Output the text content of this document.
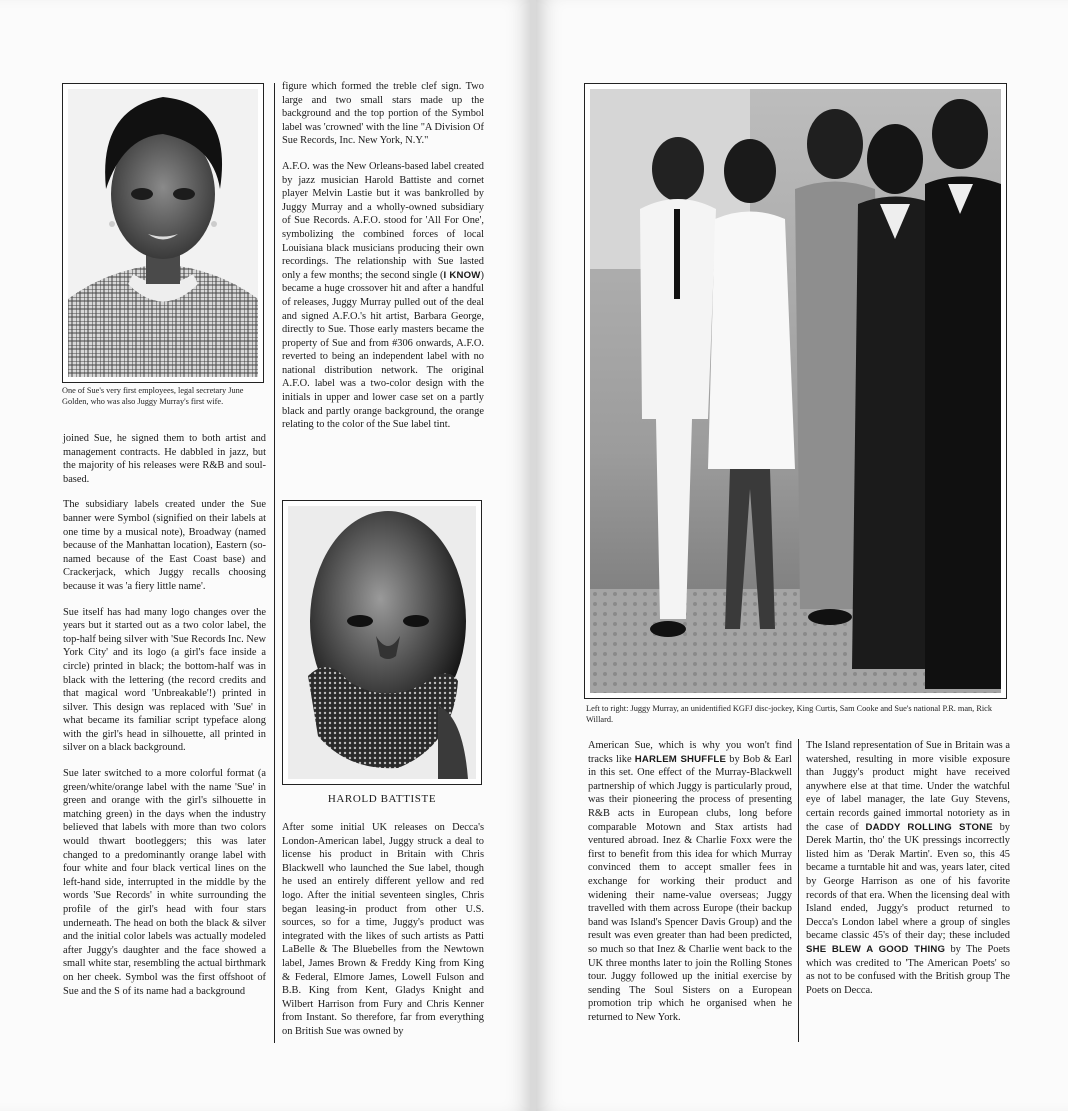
One of Sue's very first employees, legal secretary June Golden, who was also Juggy Murray's first wife.

joined Sue, he signed them to both artist and management contracts. He dabbled in jazz, but the majority of his releases were R&B and soul-based.

The subsidiary labels created under the Sue banner were Symbol (signified on their labels at one time by a musical note), Broadway (named because of the Manhattan location), Eastern (so-named because of the East Coast base) and Crackerjack, which Juggy recalls choosing because it was 'a fiery little name'.

Sue itself has had many logo changes over the years but it started out as a two color label, the top-half being silver with 'Sue Records Inc. New York City' and its logo (a girl's face inside a circle) printed in black; the bottom-half was in black with the lettering (the record credits and that magical word 'Unbreakable'!) printed in silver. This design was replaced with 'Sue' in what became its familiar script typeface along with the girl's head in silhouette, all printed in silver on a black background.

Sue later switched to a more colorful format (a green/white/orange label with the name 'Sue' in green and orange with the girl's silhouette in matching green) in the days when the industry believed that labels with more than two colors would thwart bootleggers; this was later changed to a predominantly orange label with four white and four black vertical lines on the left-hand side, interrupted in the middle by the words 'Sue Records' in white surrounding the profile of the girl's head with four stars underneath. The head on both the black & silver and the initial color labels was actually modeled after Juggy's daughter and the face showed a small white star, resembling the actual birthmark on her cheek. Symbol was the first offshoot of Sue and the S of its name had a background

figure which formed the treble clef sign. Two large and two small stars made up the background and the top portion of the Symbol label was 'crowned' with the line "A Division Of Sue Records, Inc. New York, N.Y."

A.F.O. was the New Orleans-based label created by jazz musician Harold Battiste and cornet player Melvin Lastie but it was bankrolled by Juggy Murray and a wholly-owned subsidiary of Sue Records. A.F.O. stood for 'All For One', symbolizing the combined forces of local Louisiana black musicians producing their own recordings. The relationship with Sue lasted only a few months; the second single (I KNOW) became a huge crossover hit and after a handful of releases, Juggy Murray pulled out of the deal and signed A.F.O.'s hit artist, Barbara George, directly to Sue. Those early masters became the property of Sue and from #306 onwards, A.F.O. reverted to being an independent label with no national distribution network. The original A.F.O. label was a two-color design with the initials in upper and lower case set on a partly black and partly orange background, the orange relating to the color of the Sue label tint.

HAROLD BATTISTE

After some initial UK releases on Decca's London-American label, Juggy struck a deal to license his product in Britain with Chris Blackwell who launched the Sue label, though he used an entirely different yellow and red logo. After the initial seventeen singles, Chris began leasing-in product from other U.S. sources, so for a time, Juggy's product was integrated with the likes of such artists as Patti LaBelle & The Bluebelles from the Newtown label, James Brown & Freddy King from King & Federal, Elmore James, Lowell Fulson and B.B. King from Kent, Gladys Knight and Wilbert Harrison from Fury and Chris Kenner from Instant. So therefore, far from everything on British Sue was owned by

Left to right: Juggy Murray, an unidentified KGFJ disc-jockey, King Curtis, Sam Cooke and Sue's national P.R. man, Rick Willard.

American Sue, which is why you won't find tracks like HARLEM SHUFFLE by Bob & Earl in this set. One effect of the Murray-Blackwell partnership of which Juggy is particularly proud, was their pioneering the process of presenting R&B acts in European clubs, long before comparable Motown and Stax artists had ventured abroad. Inez & Charlie Foxx were the first to benefit from this idea for which Murray convinced them to accept smaller fees in exchange for working their product and widening their name-value overseas; Juggy travelled with them across Europe (their backup band was Island's Spencer Davis Group) and the result was even greater than had been predicted, so much so that Inez & Charlie went back to the UK three months later to join the Rolling Stones tour. Juggy followed up the initial exercise by sending The Soul Sisters on a European promotion trip which he organised when he returned to New York.

The Island representation of Sue in Britain was a watershed, resulting in more visible exposure than Juggy's product might have received anywhere else at that time. Under the watchful eye of label manager, the late Guy Stevens, certain records gained immortal notoriety as in the case of DADDY ROLLING STONE by Derek Martin, tho' the UK pressings incorrectly listed him as 'Derak Martin'. Even so, this 45 became a turntable hit and was, years later, cited by George Harrison as one of his favorite records of that era. When the licensing deal with Island ended, Juggy's product returned to Decca's London label where a group of singles became classic 45's of their day; these included SHE BLEW A GOOD THING by The Poets which was credited to 'The American Poets' so as not to be confused with the British group The Poets on Decca.
